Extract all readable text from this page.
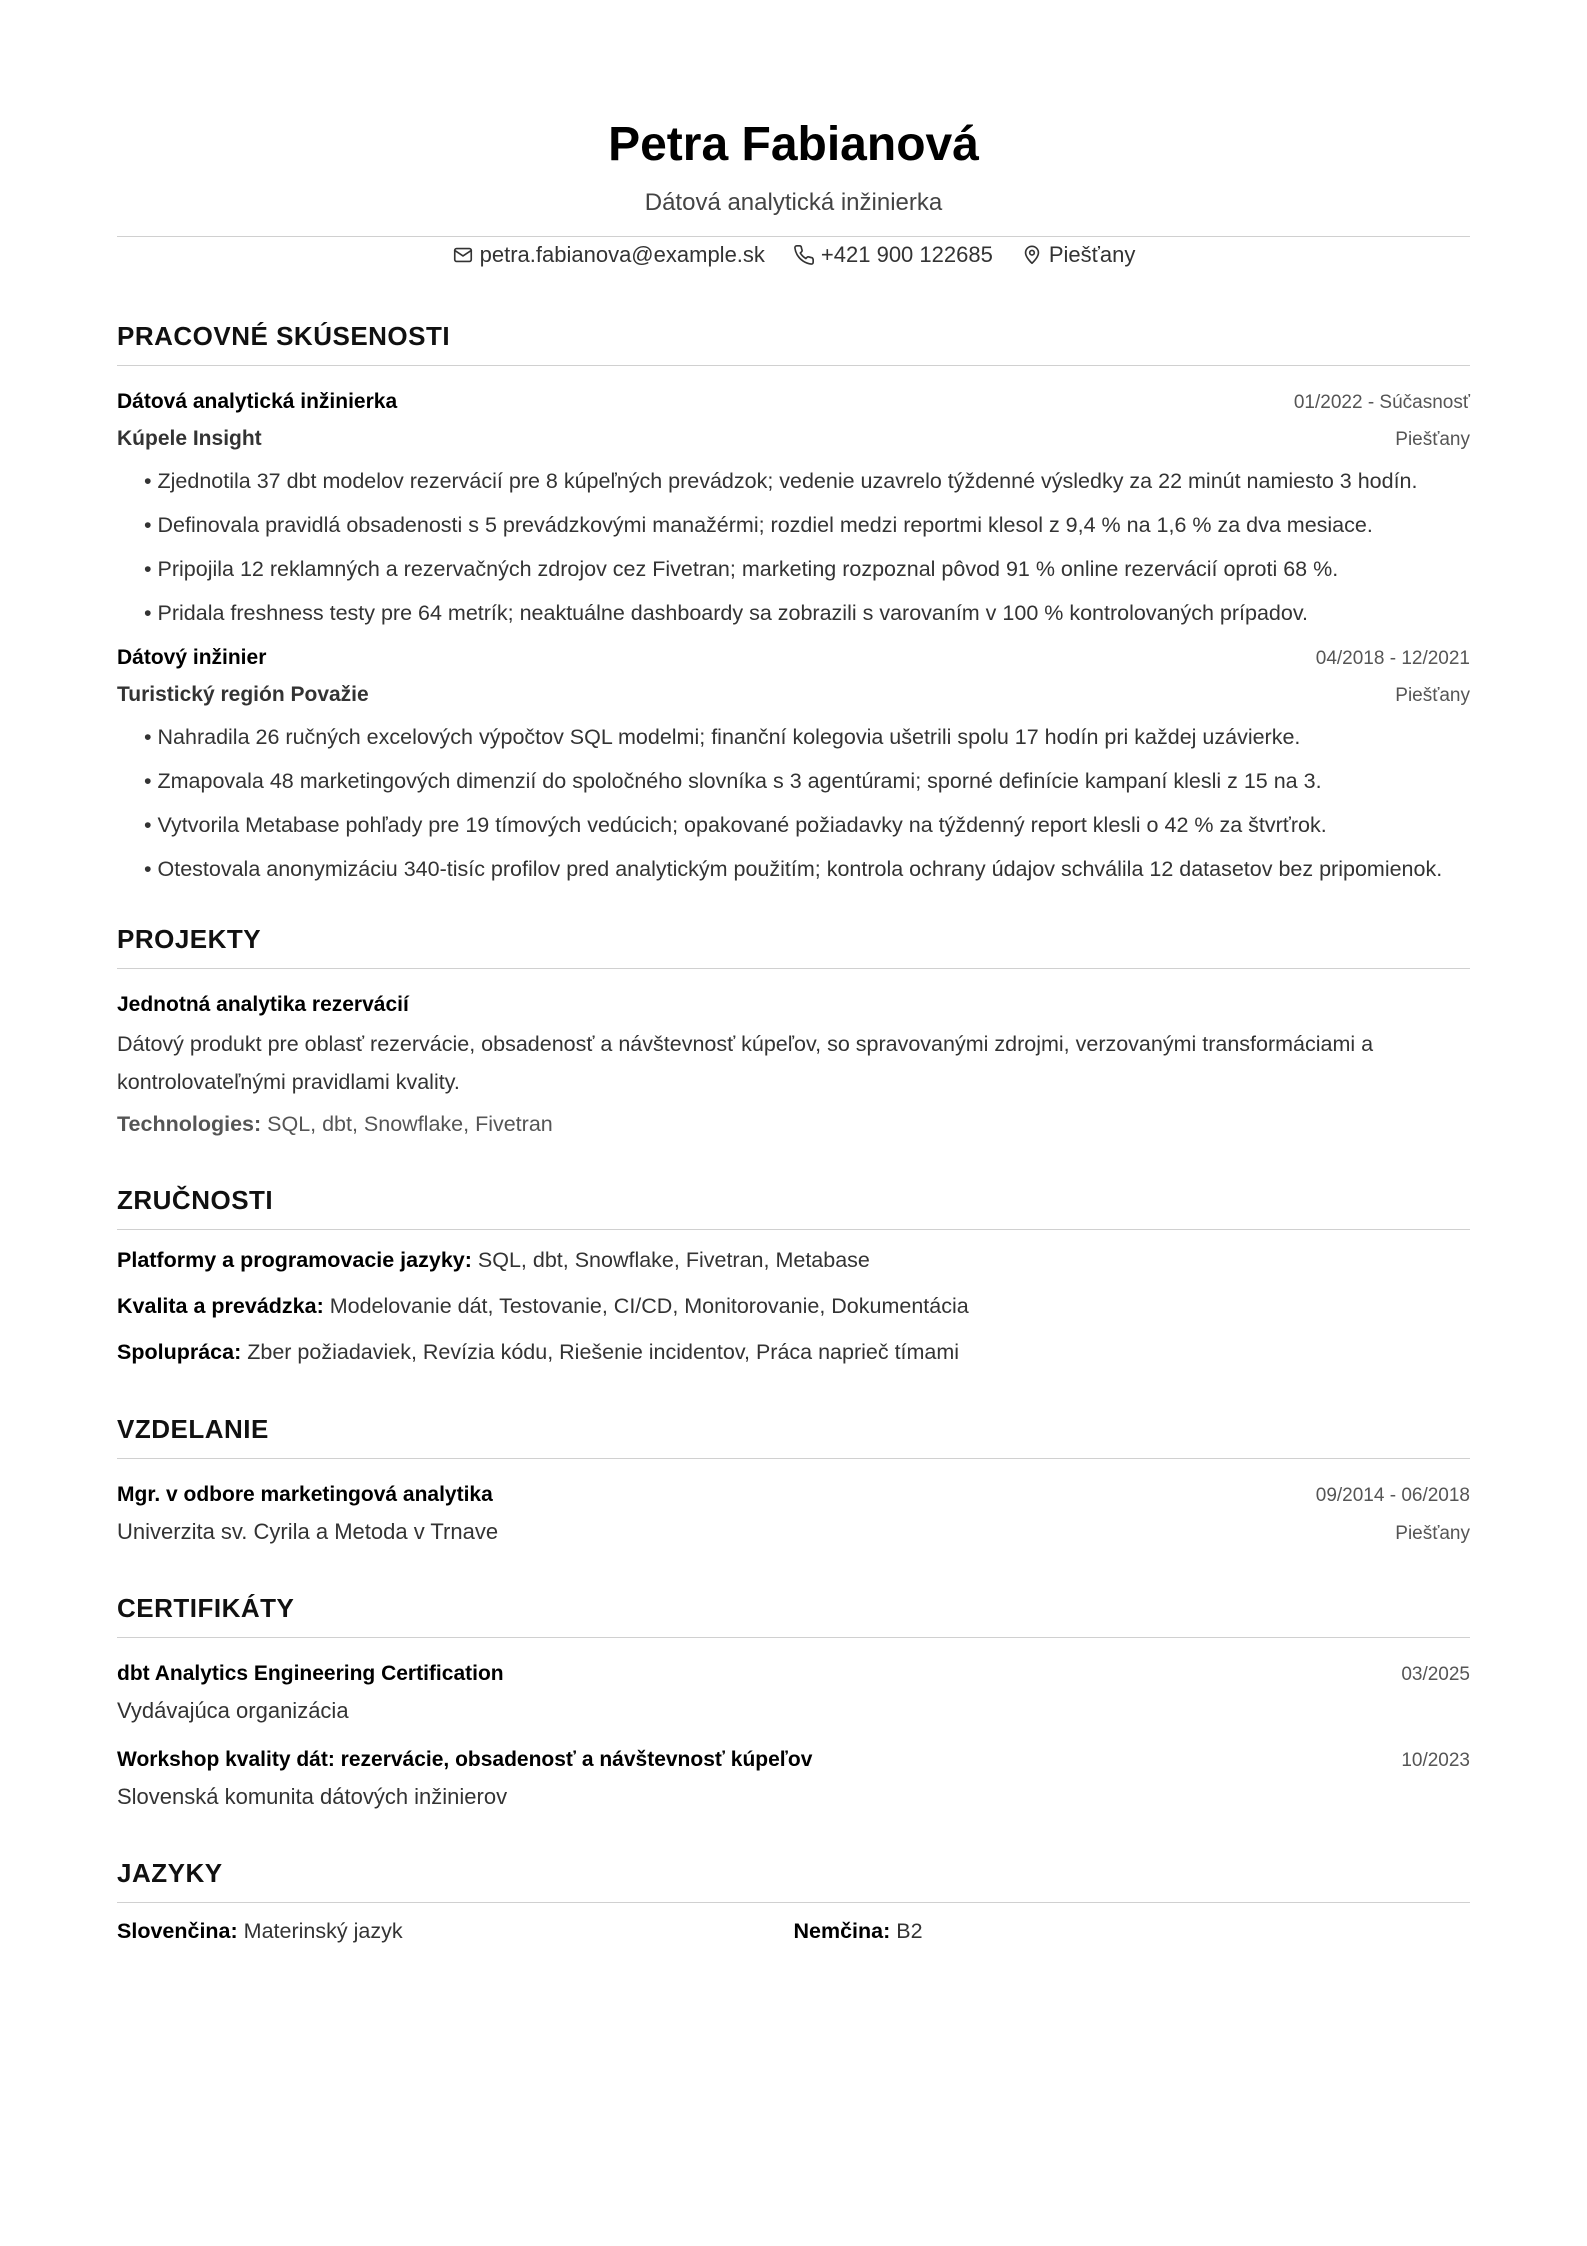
Petra Fabianová
Dátová analytická inžinierka
petra.fabianova@example.sk	+421 900 122685	Piešťany
PRACOVNÉ SKÚSENOSTI
Dátová analytická inžinierka	01/2022 - Súčasnosť
Kúpele Insight	Piešťany
• Zjednotila 37 dbt modelov rezervácií pre 8 kúpeľných prevádzok; vedenie uzavrelo týždenné výsledky za 22 minút namiesto 3 hodín.
• Definovala pravidlá obsadenosti s 5 prevádzkovými manažérmi; rozdiel medzi reportmi klesol z 9,4 % na 1,6 % za dva mesiace.
• Pripojila 12 reklamných a rezervačných zdrojov cez Fivetran; marketing rozpoznal pôvod 91 % online rezervácií oproti 68 %.
• Pridala freshness testy pre 64 metrík; neaktuálne dashboardy sa zobrazili s varovaním v 100 % kontrolovaných prípadov.
Dátový inžinier	04/2018 - 12/2021
Turistický región Považie	Piešťany
• Nahradila 26 ručných excelových výpočtov SQL modelmi; finanční kolegovia ušetrili spolu 17 hodín pri každej uzávierke.
• Zmapovala 48 marketingových dimenzií do spoločného slovníka s 3 agentúrami; sporné definície kampaní klesli z 15 na 3.
• Vytvorila Metabase pohľady pre 19 tímových vedúcich; opakované požiadavky na týždenný report klesli o 42 % za štvrťrok.
• Otestovala anonymizáciu 340-tisíc profilov pred analytickým použitím; kontrola ochrany údajov schválila 12 datasetov bez pripomienok.
PROJEKTY
Jednotná analytika rezervácií
Dátový produkt pre oblasť rezervácie, obsadenosť a návštevnosť kúpeľov, so spravovanými zdrojmi, verzovanými transformáciami a kontrolovateľnými pravidlami kvality.
Technologies: SQL, dbt, Snowflake, Fivetran
ZRUČNOSTI
Platformy a programovacie jazyky: SQL, dbt, Snowflake, Fivetran, Metabase
Kvalita a prevádzka: Modelovanie dát, Testovanie, CI/CD, Monitorovanie, Dokumentácia
Spolupráca: Zber požiadaviek, Revízia kódu, Riešenie incidentov, Práca naprieč tímami
VZDELANIE
Mgr. v odbore marketingová analytika	09/2014 - 06/2018
Univerzita sv. Cyrila a Metoda v Trnave	Piešťany
CERTIFIKÁTY
dbt Analytics Engineering Certification	03/2025
Vydávajúca organizácia
Workshop kvality dát: rezervácie, obsadenosť a návštevnosť kúpeľov	10/2023
Slovenská komunita dátových inžinierov
JAZYKY
Slovenčina: Materinský jazyk	Nemčina: B2
